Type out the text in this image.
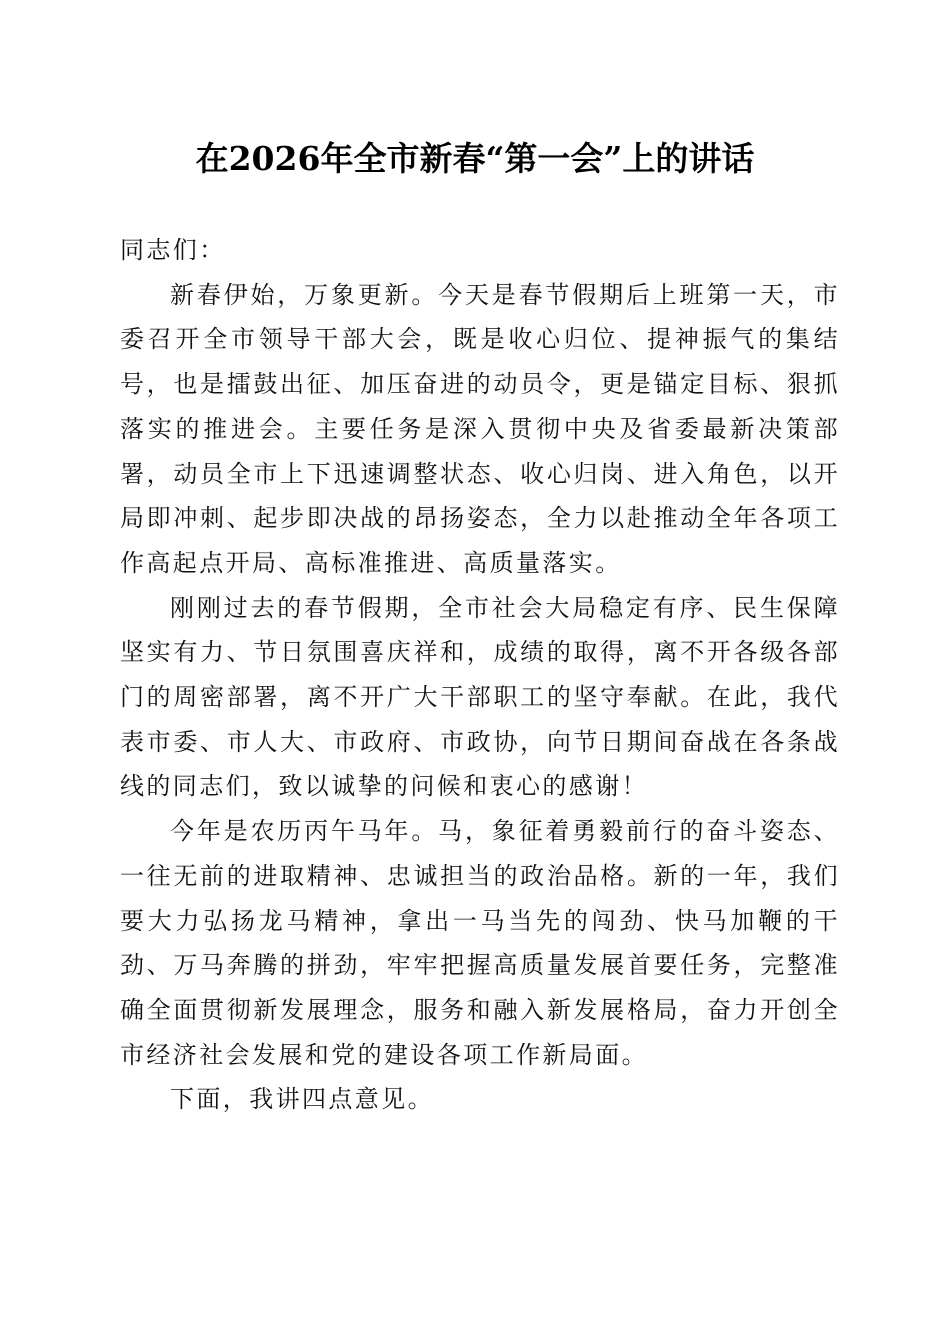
在2026年全市新春“第一会”上的讲话

同志们：

新春伊始，万象更新。今天是春节假期后上班第一天，市委召开全市领导干部大会，既是收心归位、提神振气的集结号，也是擂鼓出征、加压奋进的动员令，更是锚定目标、狠抓落实的推进会。主要任务是深入贯彻中央及省委最新决策部署，动员全市上下迅速调整状态、收心归岗、进入角色，以开局即冲刺、起步即决战的昂扬姿态，全力以赴推动全年各项工作高起点开局、高标准推进、高质量落实。

刚刚过去的春节假期，全市社会大局稳定有序、民生保障坚实有力、节日氛围喜庆祥和，成绩的取得，离不开各级各部门的周密部署，离不开广大干部职工的坚守奉献。在此，我代表市委、市人大、市政府、市政协，向节日期间奋战在各条战线的同志们，致以诚挚的问候和衷心的感谢！

今年是农历丙午马年。马，象征着勇毅前行的奋斗姿态、一往无前的进取精神、忠诚担当的政治品格。新的一年，我们要大力弘扬龙马精神，拿出一马当先的闯劲、快马加鞭的干劲、万马奔腾的拼劲，牢牢把握高质量发展首要任务，完整准确全面贯彻新发展理念，服务和融入新发展格局，奋力开创全市经济社会发展和党的建设各项工作新局面。

下面，我讲四点意见。
